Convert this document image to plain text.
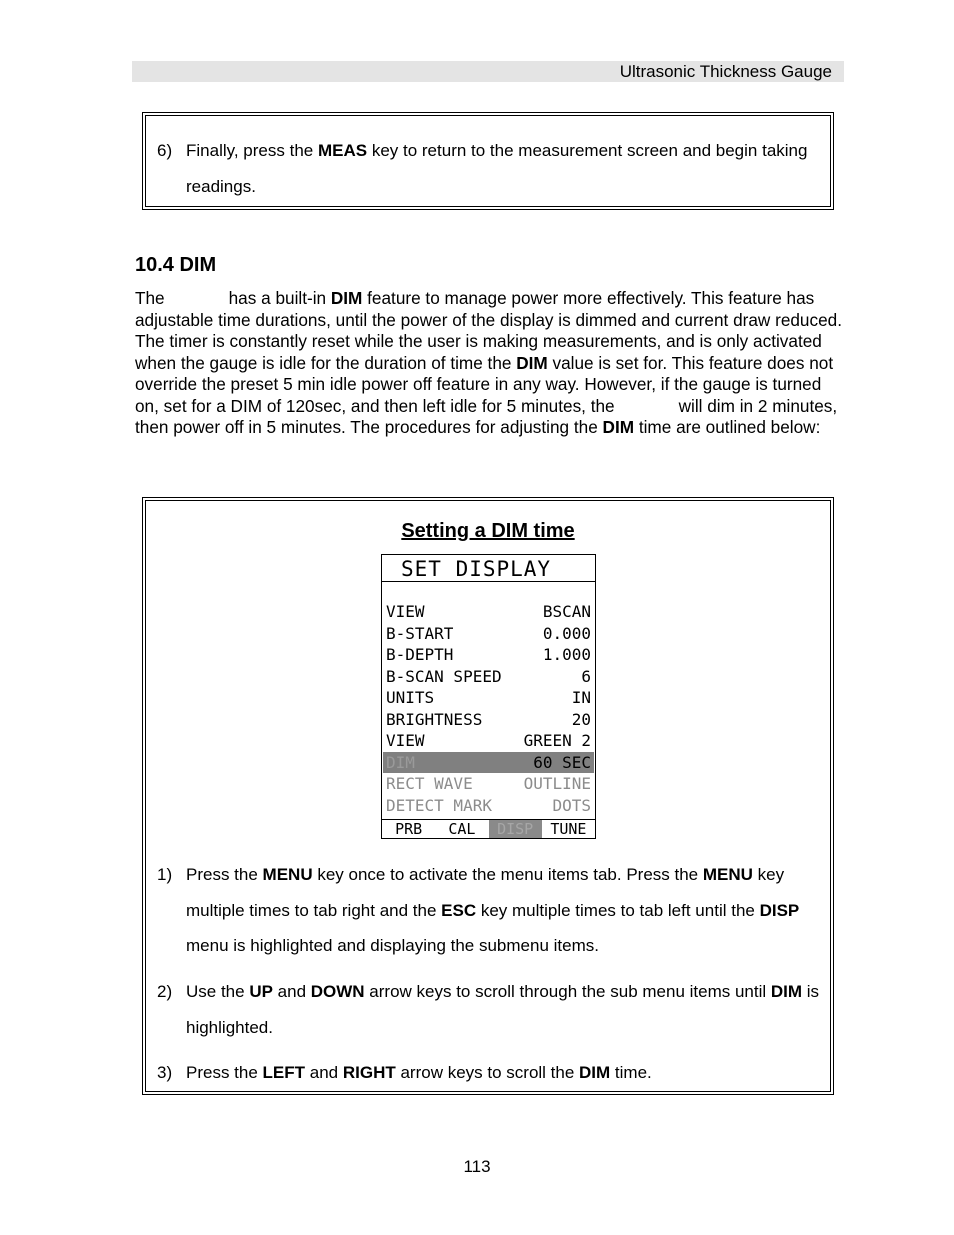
Ultrasonic Thickness Gauge
6) Finally, press the MEAS key to return to the measurement screen and begin taking readings.
10.4 DIM
The	has a built-in DIM feature to manage power more effectively. This feature has adjustable time durations, until the power of the display is dimmed and current draw reduced. The timer is constantly reset while the user is making measurements, and is only activated when the gauge is idle for the duration of time the DIM value is set for. This feature does not override the preset 5 min idle power off feature in any way. However, if the gauge is turned on, set for a DIM of 120sec, and then left idle for 5 minutes, the	will dim in 2 minutes, then power off in 5 minutes. The procedures for adjusting the DIM time are outlined below:
Setting a DIM time
SET DISPLAY
VIEW	BSCAN
B-START	0.000
B-DEPTH	1.000
B-SCAN SPEED	6
UNITS	IN
BRIGHTNESS	20
VIEW	GREEN 2
DIM	60 SEC
RECT WAVE	OUTLINE
DETECT MARK	DOTS
PRB	CAL	DISP	TUNE
1) Press the MENU key once to activate the menu items tab. Press the MENU key multiple times to tab right and the ESC key multiple times to tab left until the DISP menu is highlighted and displaying the submenu items.
2) Use the UP and DOWN arrow keys to scroll through the sub menu items until DIM is highlighted.
3) Press the LEFT and RIGHT arrow keys to scroll the DIM time.
113
